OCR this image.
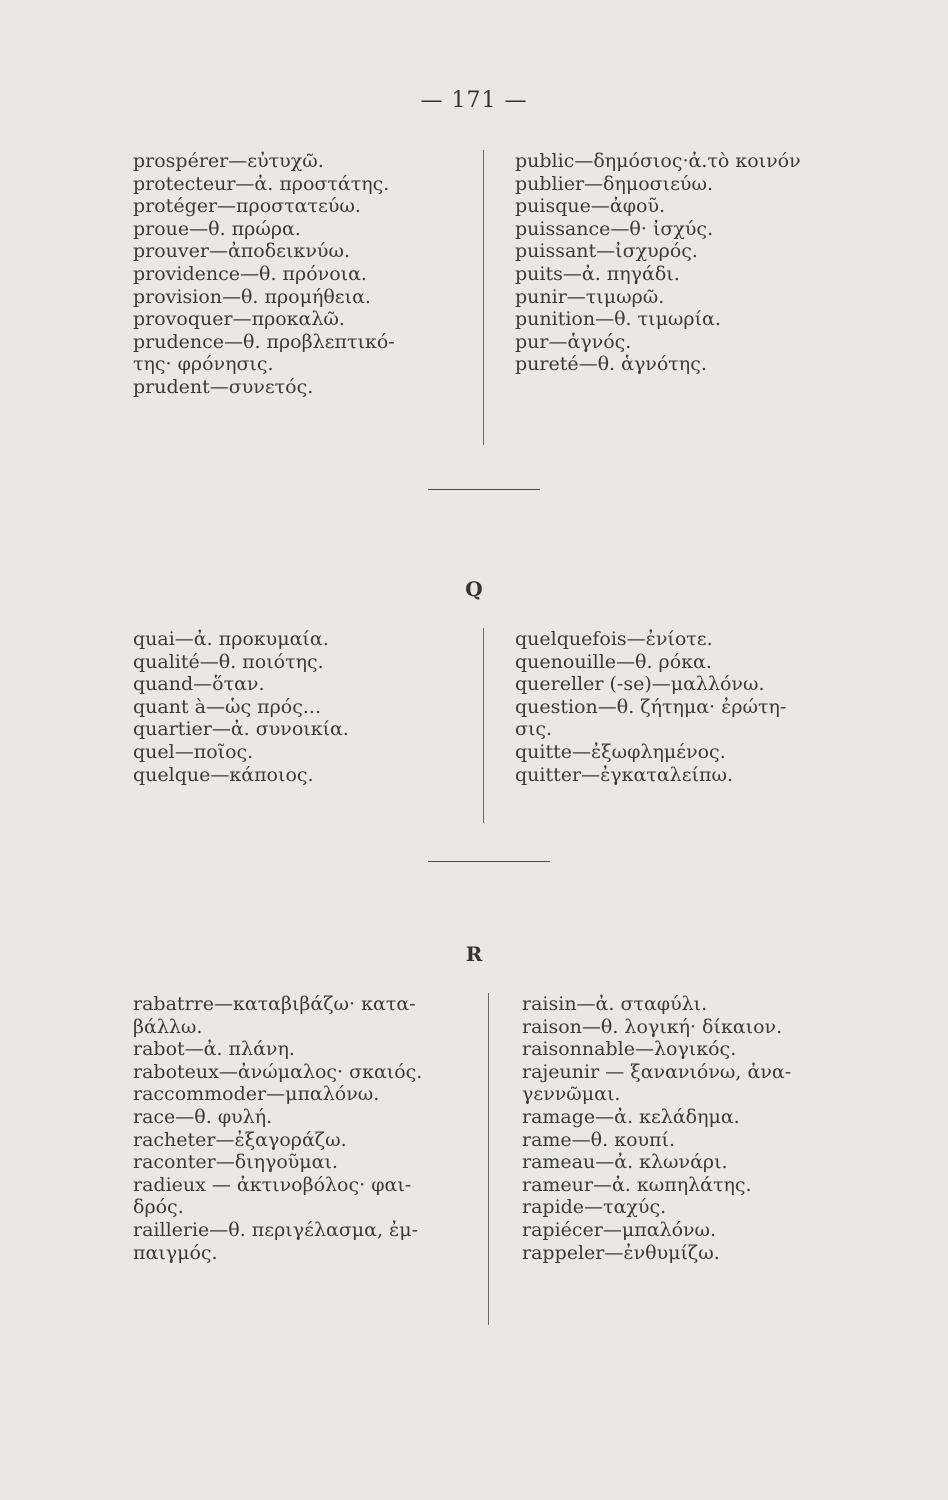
— 171 —
prospérer—εὐτυχῶ.
protecteur—ἀ. προστάτης.
protéger—προστατεύω.
proue—θ. πρώρα.
prouver—ἀποδεικνύω.
providence—θ. πρόνοια.
provision—θ. προμήθεια.
provoquer—προκαλῶ.
prudence—θ. προβλεπτικό-
της· φρόνησις.
prudent—συνετός.
public—δημόσιος·ἀ.τὸ κοινόν
publier—δημοσιεύω.
puisque—ἀφοῦ.
puissance—θ· ἰσχύς.
puissant—ἰσχυρός.
puits—ἀ. πηγάδι.
punir—τιμωρῶ.
punition—θ. τιμωρία.
pur—ἁγνός.
pureté—θ. ἁγνότης.
Q
quai—ἀ. προκυμαία.
qualité—θ. ποιότης.
quand—ὅταν.
quant à—ὡς πρός...
quartier—ἀ. συνοικία.
quel—ποῖος.
quelque—κάποιος.
quelquefois—ἐνίοτε.
quenouille—θ. ρόκα.
quereller (-se)—μαλλόνω.
question—θ. ζήτημα· ἐρώτη-
σις.
quitte—ἐξωφλημένος.
quitter—ἐγκαταλείπω.
R
rabatrre—καταβιβάζω· κατα-
βάλλω.
rabot—ἀ. πλάνη.
raboteux—ἀνώμαλος· σκαιός.
raccommoder—μπαλόνω.
race—θ. φυλή.
racheter—ἐξαγοράζω.
raconter—διηγοῦμαι.
radieux — ἀκτινοβόλος· φαι-
δρός.
raillerie—θ. περιγέλασμα, ἐμ-
παιγμός.
raisin—ἀ. σταφύλι.
raison—θ. λογική· δίκαιον.
raisonnable—λογικός.
rajeunir — ξανανιόνω, ἀνα-
γεννῶμαι.
ramage—ἀ. κελάδημα.
rame—θ. κουπί.
rameau—ἀ. κλωνάρι.
rameur—ἀ. κωπηλάτης.
rapide—ταχύς.
rapiécer—μπαλόνω.
rappeler—ἐνθυμίζω.
